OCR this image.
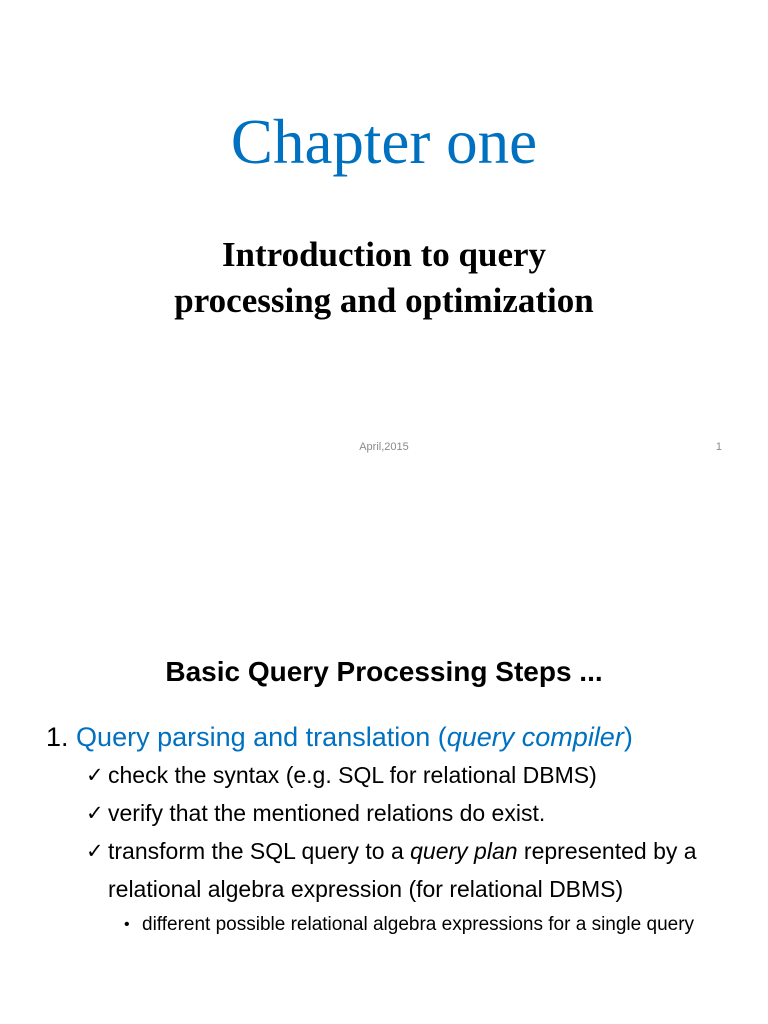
Chapter one
Introduction to query
processing and optimization
April,2015	1
Basic Query Processing Steps ...
1. Query parsing and translation (query compiler)
✓ check the syntax (e.g. SQL for relational DBMS)
✓ verify that the mentioned relations do exist.
✓ transform the SQL query to a query plan represented by a relational algebra expression (for relational DBMS)
• different possible relational algebra expressions for a single query
